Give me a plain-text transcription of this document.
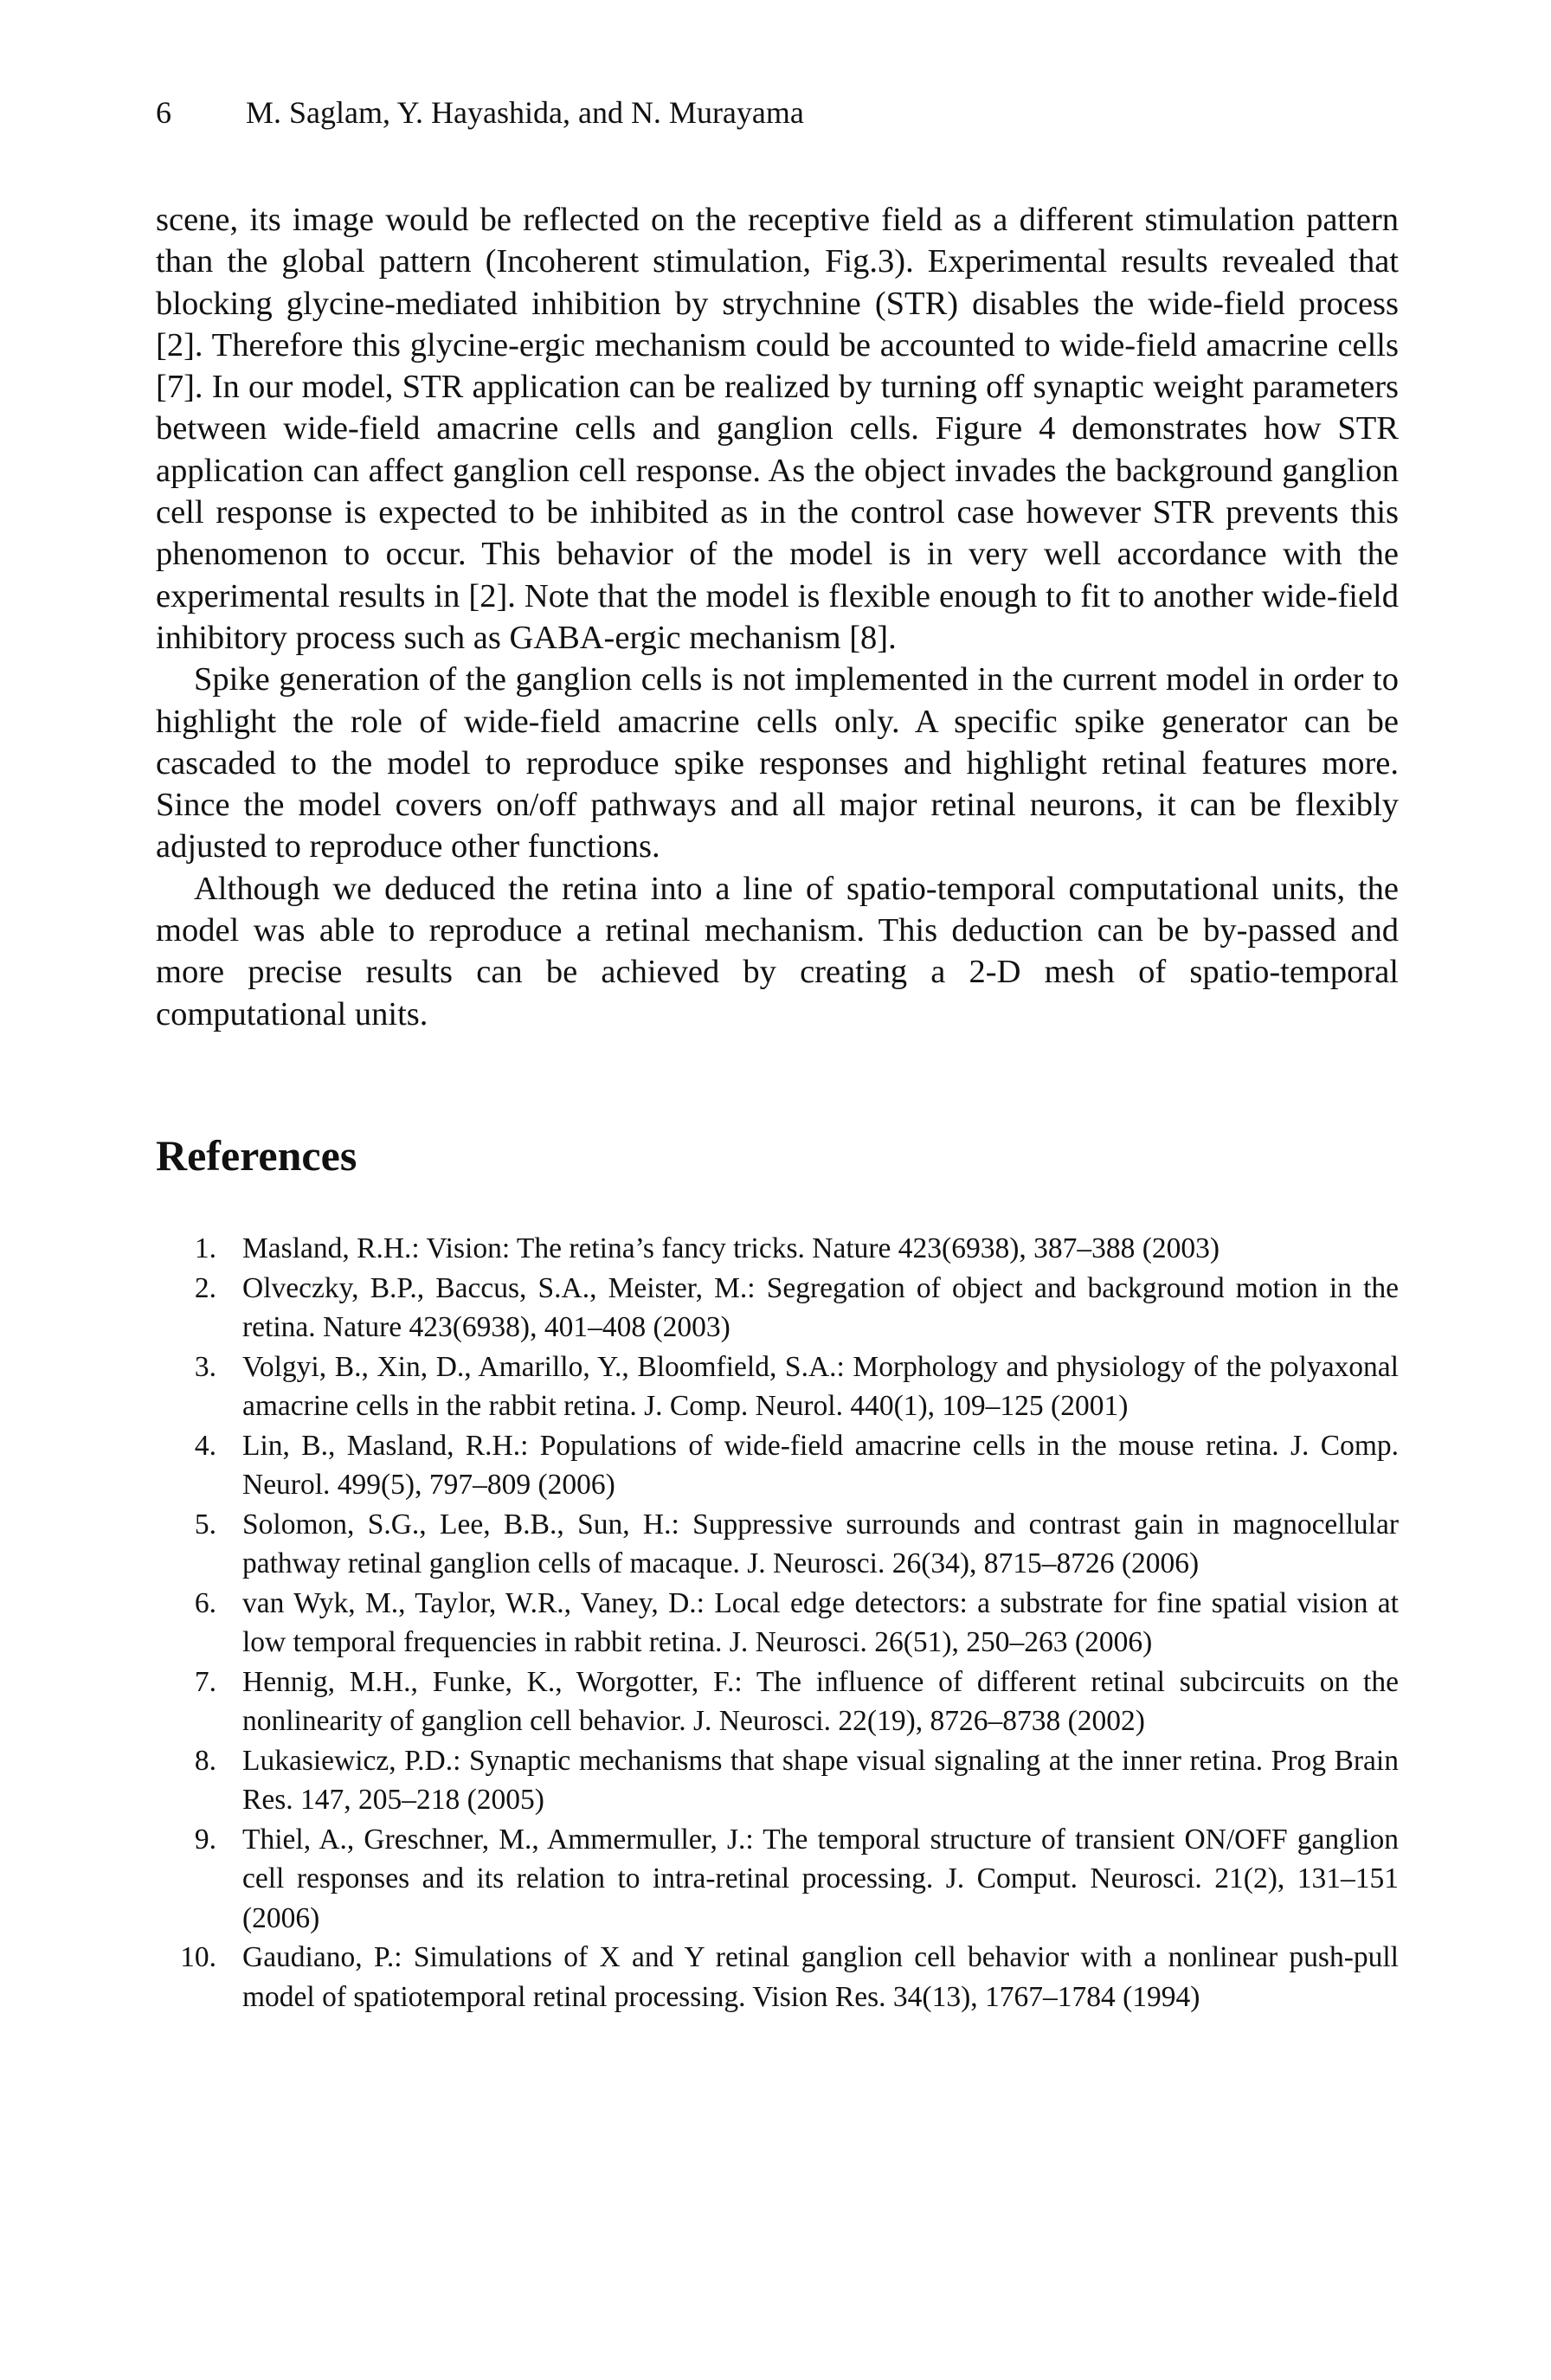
6 M. Saglam, Y. Hayashida, and N. Murayama

scene, its image would be reflected on the receptive field as a different stimulation pattern than the global pattern (Incoherent stimulation, Fig.3). Experimental results revealed that blocking glycine-mediated inhibition by strychnine (STR) disables the wide-field process [2]. Therefore this glycine-ergic mechanism could be accounted to wide-field amacrine cells [7]. In our model, STR application can be realized by turning off synaptic weight parameters between wide-field amacrine cells and ganglion cells. Figure 4 demonstrates how STR application can affect ganglion cell response. As the object invades the background ganglion cell response is expected to be inhibited as in the control case however STR prevents this phenomenon to occur. This behavior of the model is in very well accordance with the experimental results in [2]. Note that the model is flexible enough to fit to another wide-field inhibitory process such as GABA-ergic mechanism [8].

Spike generation of the ganglion cells is not implemented in the current model in order to highlight the role of wide-field amacrine cells only. A specific spike generator can be cascaded to the model to reproduce spike responses and highlight retinal features more. Since the model covers on/off pathways and all major retinal neurons, it can be flexibly adjusted to reproduce other functions.

Although we deduced the retina into a line of spatio-temporal computational units, the model was able to reproduce a retinal mechanism. This deduction can be by-passed and more precise results can be achieved by creating a 2-D mesh of spatio-temporal computational units.

References
1. Masland, R.H.: Vision: The retina’s fancy tricks. Nature 423(6938), 387–388 (2003)
2. Olveczky, B.P., Baccus, S.A., Meister, M.: Segregation of object and background motion in the retina. Nature 423(6938), 401–408 (2003)
3. Volgyi, B., Xin, D., Amarillo, Y., Bloomfield, S.A.: Morphology and physiology of the polyaxonal amacrine cells in the rabbit retina. J. Comp. Neurol. 440(1), 109–125 (2001)
4. Lin, B., Masland, R.H.: Populations of wide-field amacrine cells in the mouse retina. J. Comp. Neurol. 499(5), 797–809 (2006)
5. Solomon, S.G., Lee, B.B., Sun, H.: Suppressive surrounds and contrast gain in magnocellular pathway retinal ganglion cells of macaque. J. Neurosci. 26(34), 8715–8726 (2006)
6. van Wyk, M., Taylor, W.R., Vaney, D.: Local edge detectors: a substrate for fine spatial vision at low temporal frequencies in rabbit retina. J. Neurosci. 26(51), 250–263 (2006)
7. Hennig, M.H., Funke, K., Worgotter, F.: The influence of different retinal subcircuits on the nonlinearity of ganglion cell behavior. J. Neurosci. 22(19), 8726–8738 (2002)
8. Lukasiewicz, P.D.: Synaptic mechanisms that shape visual signaling at the inner retina. Prog Brain Res. 147, 205–218 (2005)
9. Thiel, A., Greschner, M., Ammermuller, J.: The temporal structure of transient ON/OFF ganglion cell responses and its relation to intra-retinal processing. J. Comput. Neurosci. 21(2), 131–151 (2006)
10. Gaudiano, P.: Simulations of X and Y retinal ganglion cell behavior with a nonlinear push-pull model of spatiotemporal retinal processing. Vision Res. 34(13), 1767–1784 (1994)
